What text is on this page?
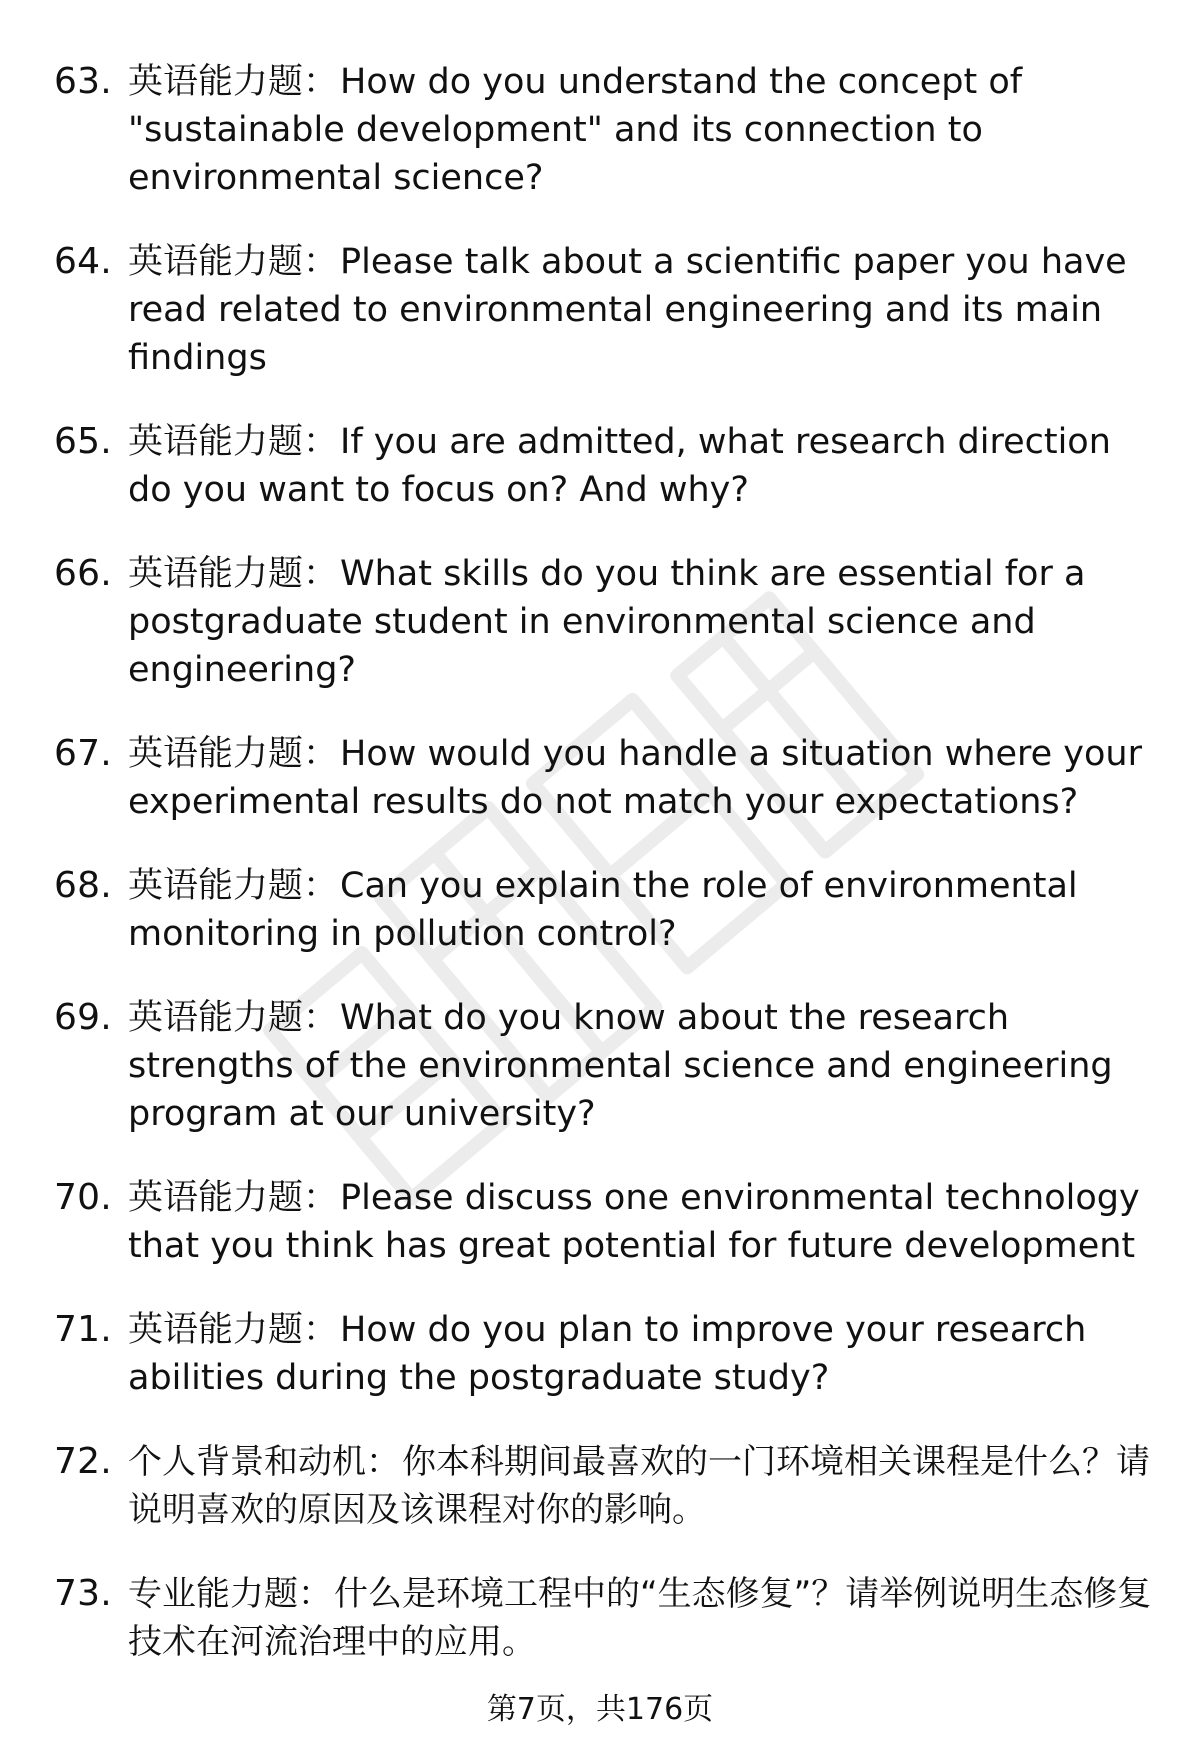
63. 英语能力题：How do you understand the concept of "sustainable development" and its connection to environmental science?
64. 英语能力题：Please talk about a scientific paper you have read related to environmental engineering and its main findings
65. 英语能力题：If you are admitted, what research direction do you want to focus on? And why?
66. 英语能力题：What skills do you think are essential for a postgraduate student in environmental science and engineering?
67. 英语能力题：How would you handle a situation where your experimental results do not match your expectations?
68. 英语能力题：Can you explain the role of environmental monitoring in pollution control?
69. 英语能力题：What do you know about the research strengths of the environmental science and engineering program at our university?
70. 英语能力题：Please discuss one environmental technology that you think has great potential for future development
71. 英语能力题：How do you plan to improve your research abilities during the postgraduate study?
72. 个人背景和动机：你本科期间最喜欢的一门环境相关课程是什么？请说明喜欢的原因及该课程对你的影响。
73. 专业能力题：什么是环境工程中的“生态修复”？请举例说明生态修复技术在河流治理中的应用。
第7页，共176页
